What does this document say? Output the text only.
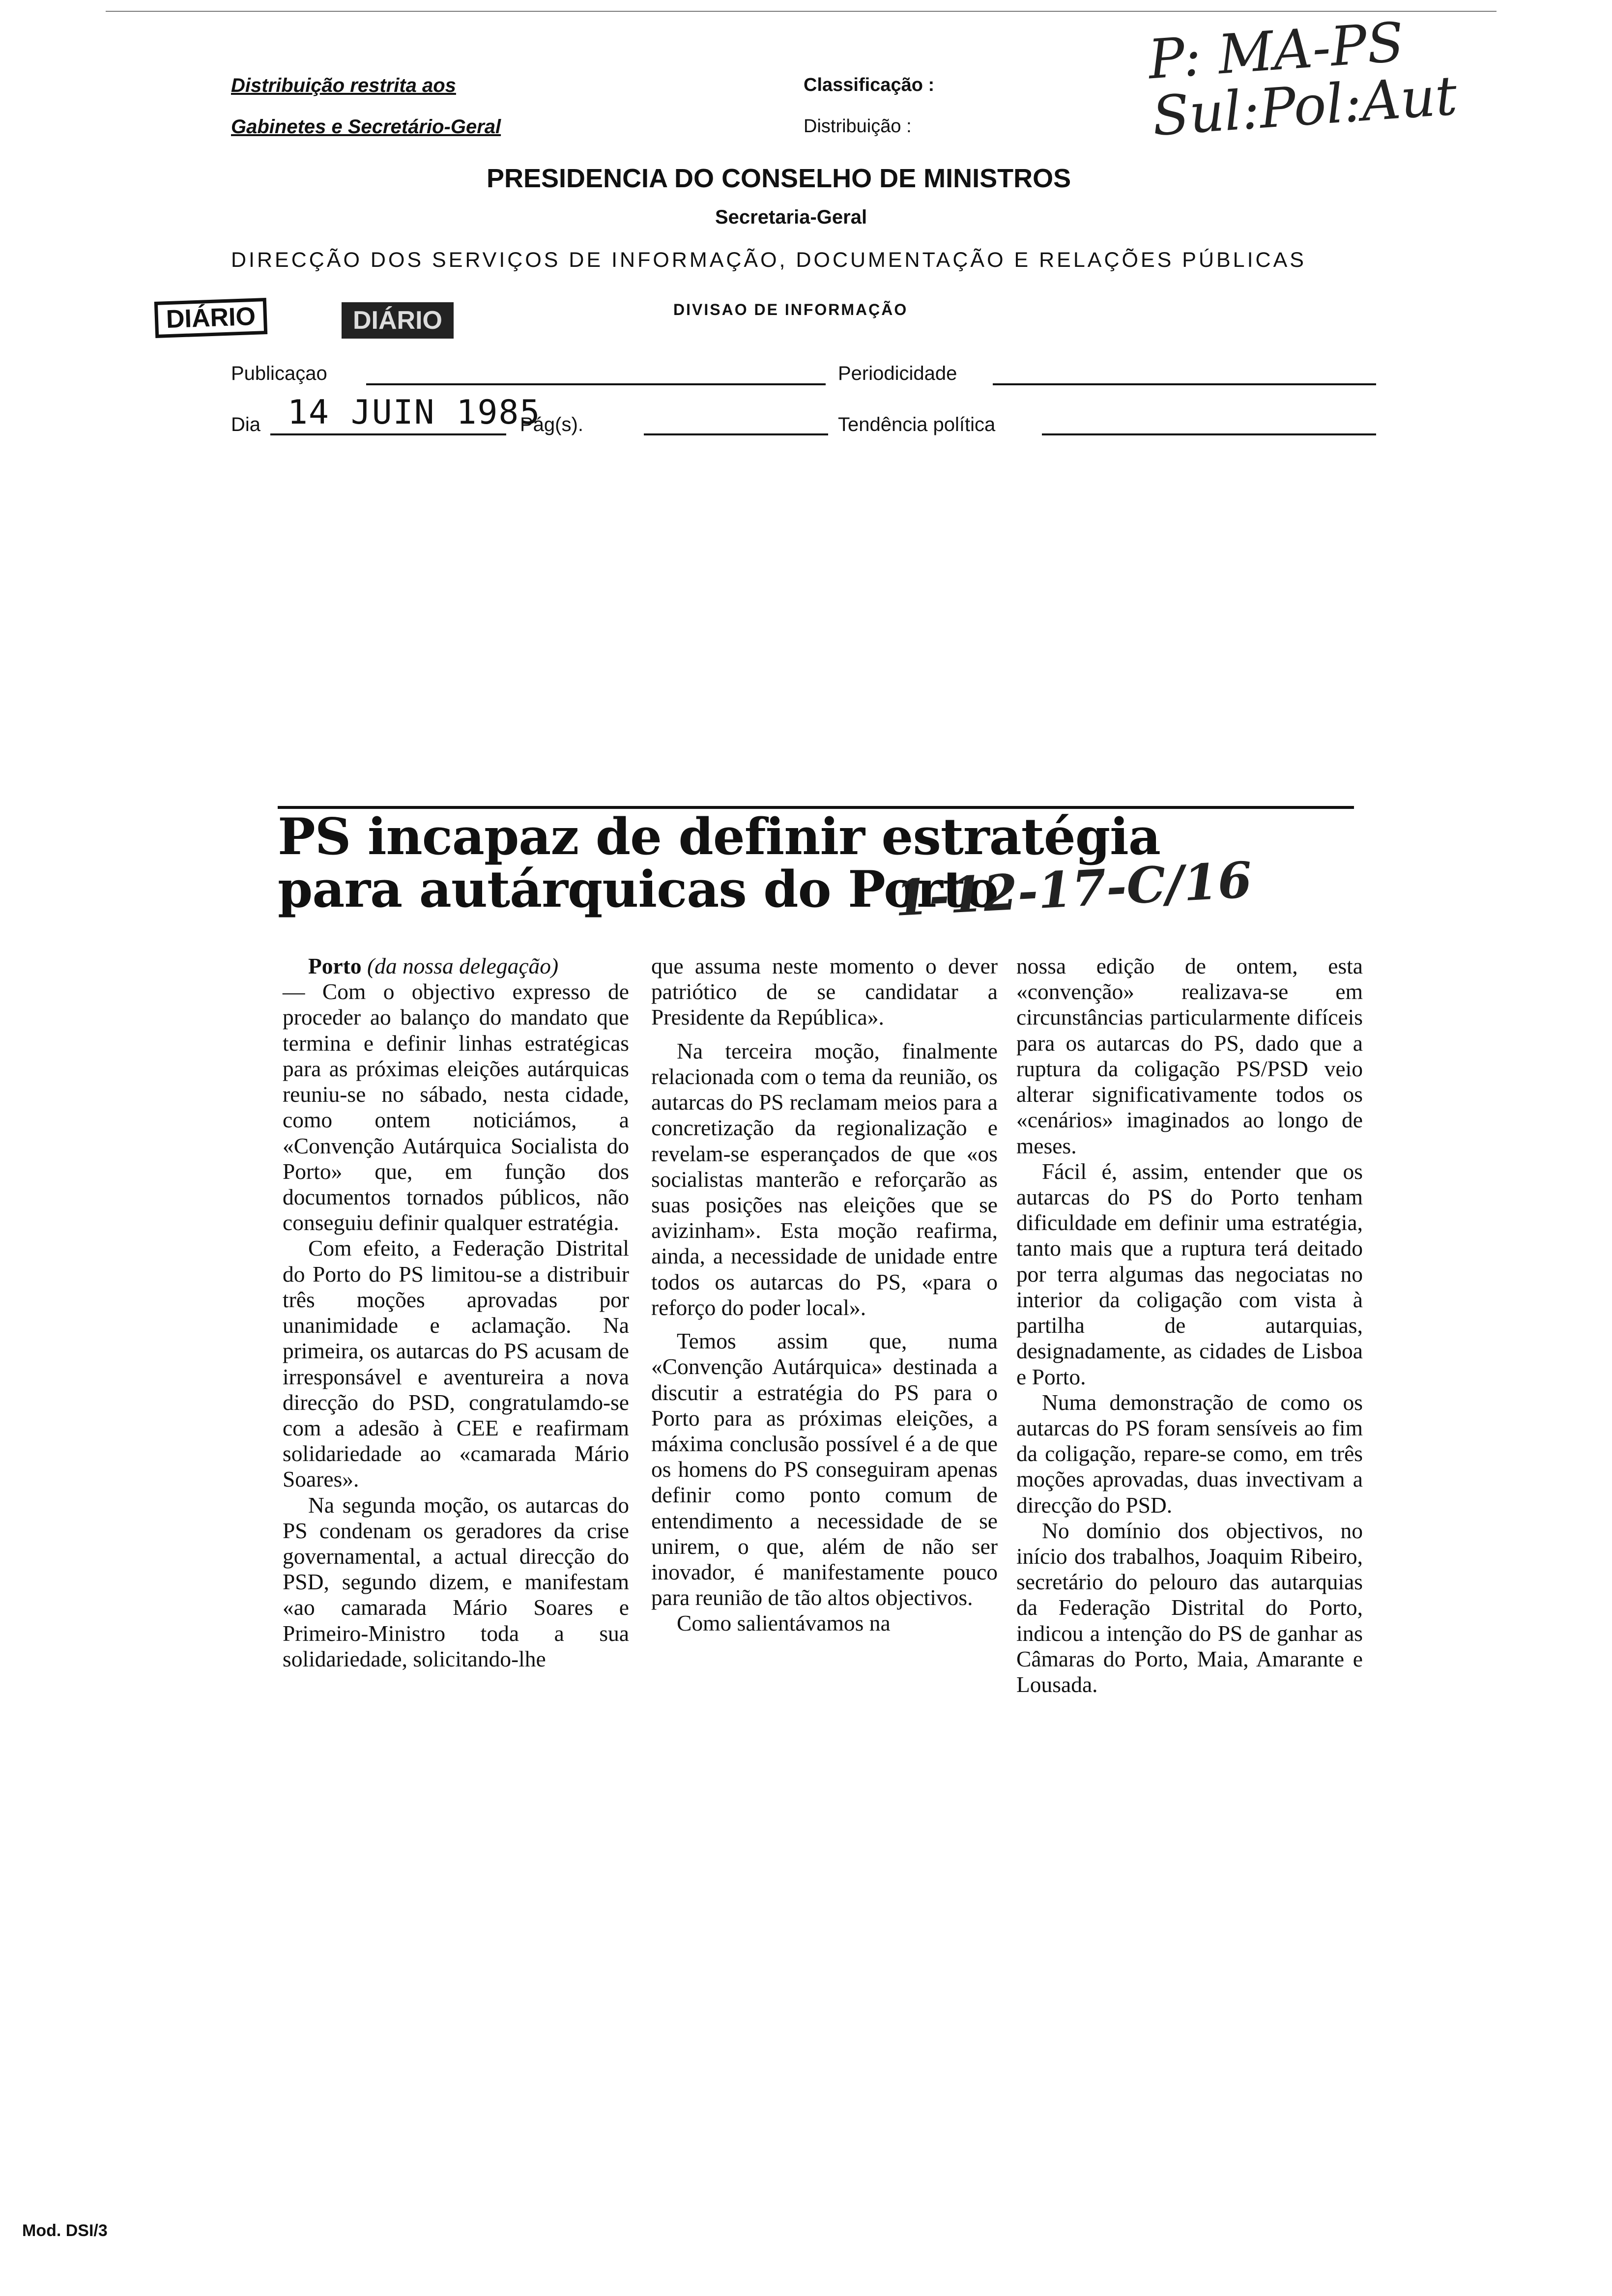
Distribuição restrita aos
Gabinetes e Secretário-Geral
Classificação :
Distribuição :
P: MA-PS Sul:Pol:Aut
PRESIDENCIA DO CONSELHO DE MINISTROS
Secretaria-Geral
DIRECÇÃO DOS SERVIÇOS DE INFORMAÇÃO, DOCUMENTAÇÃO E RELAÇÕES PÚBLICAS
DIÁRIO	DIÁRIO	DIVISAO DE INFORMAÇÃO
Publicaçao	Periodicidade
Dia 14 JUIN 1985
Pág(s).	Tendência política
PS incapaz de definir estratégia
para autárquicas do Porto
1-12-17-C/16

Porto (da nossa delegação)

— Com o objectivo expresso de proceder ao balanço do mandato que termina e definir linhas estratégicas para as próximas eleições autárquicas reuniu-se no sábado, nesta cidade, como ontem noticiámos, a «Convenção Autárquica Socialista do Porto» que, em função dos documentos tornados públicos, não conseguiu definir qualquer estratégia.

Com efeito, a Federação Distrital do Porto do PS limitou-se a distribuir três moções aprovadas por unanimidade e aclamação. Na primeira, os autarcas do PS acusam de irresponsável e aventureira a nova direcção do PSD, congratulamdo-se com a adesão à CEE e reafirmam solidariedade ao «camarada Mário Soares».

Na segunda moção, os autarcas do PS condenam os geradores da crise governamental, a actual direcção do PSD, segundo dizem, e manifestam «ao camarada Mário Soares e Primeiro-Ministro toda a sua solidariedade, solicitando-lhe

que assuma neste momento o dever patriótico de se candidatar a Presidente da República».

Na terceira moção, finalmente relacionada com o tema da reunião, os autarcas do PS reclamam meios para a concretização da regionalização e revelam-se esperançados de que «os socialistas manterão e reforçarão as suas posições nas eleições que se avizinham». Esta moção reafirma, ainda, a necessidade de unidade entre todos os autarcas do PS, «para o reforço do poder local».

Temos assim que, numa «Convenção Autárquica» destinada a discutir a estratégia do PS para o Porto para as próximas eleições, a máxima conclusão possível é a de que os homens do PS conseguiram apenas definir como ponto comum de entendimento a necessidade de se unirem, o que, além de não ser inovador, é manifestamente pouco para reunião de tão altos objectivos.

Como salientávamos na

nossa edição de ontem, esta «convenção» realizava-se em circunstâncias particularmente difíceis para os autarcas do PS, dado que a ruptura da coligação PS/PSD veio alterar significativamente todos os «cenários» imaginados ao longo de meses.

Fácil é, assim, entender que os autarcas do PS do Porto tenham dificuldade em definir uma estratégia, tanto mais que a ruptura terá deitado por terra algumas das negociatas no interior da coligação com vista à partilha de autarquias, designadamente, as cidades de Lisboa e Porto.

Numa demonstração de como os autarcas do PS foram sensíveis ao fim da coligação, repare-se como, em três moções aprovadas, duas invectivam a direcção do PSD.

No domínio dos objectivos, no início dos trabalhos, Joaquim Ribeiro, secretário do pelouro das autarquias da Federação Distrital do Porto, indicou a intenção do PS de ganhar as Câmaras do Porto, Maia, Amarante e Lousada.

Mod. DSI/3
